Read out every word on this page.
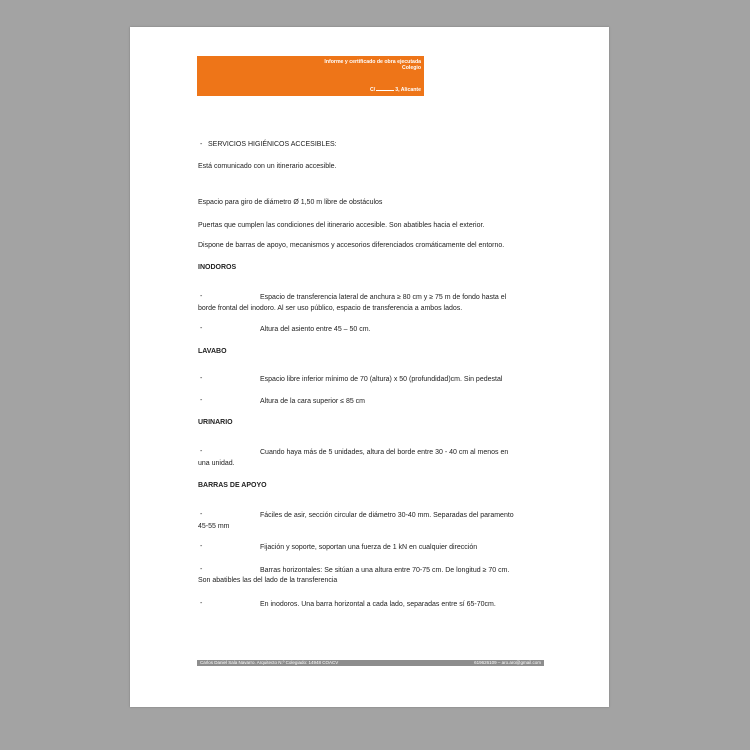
Informe y certificado de obra ejecutada
Colegio
C/	3, Alicante
- SERVICIOS HIGIÉNICOS ACCESIBLES:
Está comunicado con un itinerario accesible.
Espacio para giro de diámetro Ø 1,50 m libre de obstáculos
Puertas que cumplen las condiciones del itinerario accesible. Son abatibles hacia el exterior.
Dispone de barras de apoyo, mecanismos y accesorios diferenciados cromáticamente del entorno.
INODOROS
-	Espacio de transferencia lateral de anchura ≥ 80 cm y ≥ 75 m de fondo hasta el
borde frontal del inodoro. Al ser uso público, espacio de transferencia a ambos lados.
-	Altura del asiento entre 45 – 50 cm.
LAVABO
-	Espacio libre inferior mínimo de 70 (altura) x 50 (profundidad)cm. Sin pedestal
-	Altura de la cara superior ≤ 85 cm
URINARIO
-	Cuando haya más de 5 unidades, altura del borde entre 30 - 40 cm al menos en
una unidad.
BARRAS DE APOYO
-	Fáciles de asir, sección circular de diámetro 30-40 mm. Separadas del paramento
45-55 mm
-	Fijación y soporte, soportan una fuerza de 1 kN en cualquier dirección
-	Barras horizontales: Se sitúan a una altura entre 70-75 cm. De longitud ≥ 70 cm.
Son abatibles las del lado de la transferencia
-	En inodoros. Una barra horizontal a cada lado, separadas entre sí 65-70cm.
Carlos Daniel Sala Navarro. Arquitecto N.º Colegiado: 14948 COACV	619626109 – aro.aro@gmail.com
